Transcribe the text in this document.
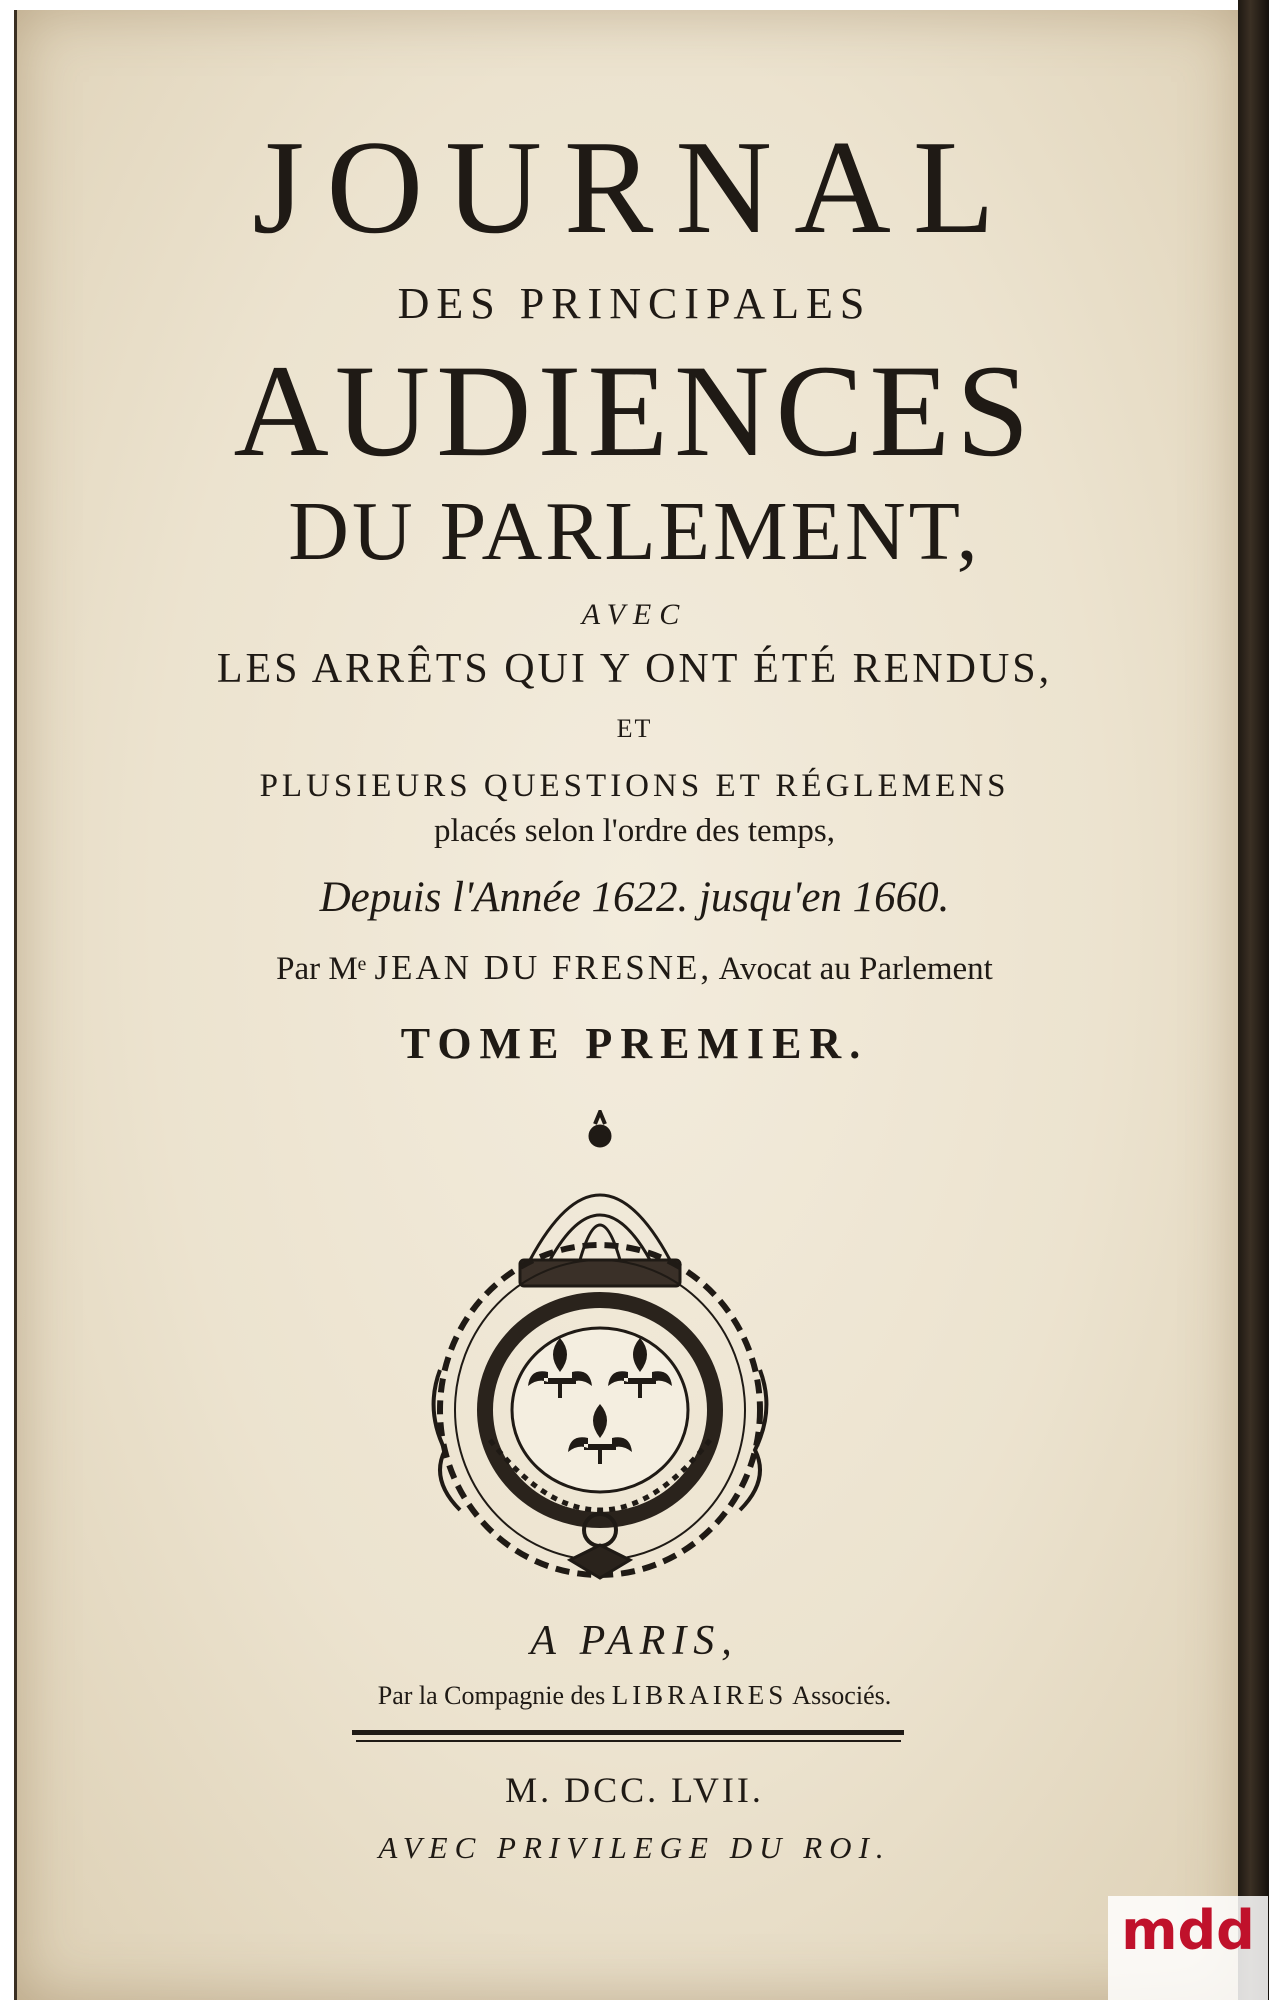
JOURNAL
DES PRINCIPALES
AUDIENCES
DU PARLEMENT,
AVEC
LES ARRÊTS QUI Y ONT ÉTÉ RENDUS,
ET
PLUSIEURS QUESTIONS ET RÉGLEMENS
placés selon l'ordre des temps,
Depuis l'Année 1622. jusqu'en 1660.
Par Mᵉ JEAN DU FRESNE, Avocat au Parlement
TOME PREMIER.
A PARIS,
Par la Compagnie des LIBRAIRES Associés.
M. DCC. LVII.
AVEC PRIVILEGE DU ROI.
mdd
